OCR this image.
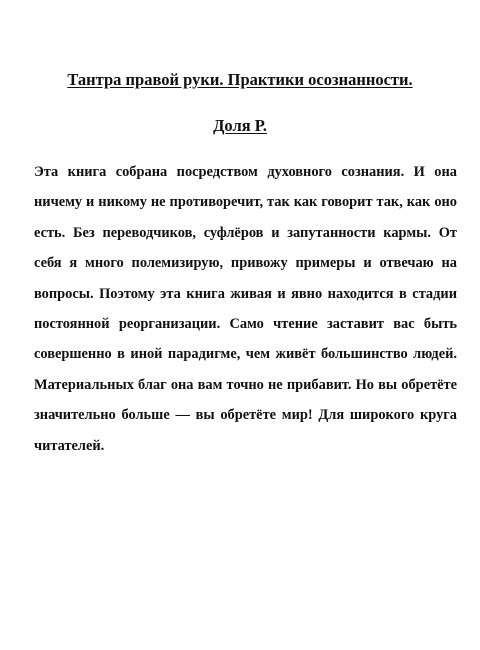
Тантра правой руки. Практики осознанности.
Доля Р.

Эта книга собрана посредством духовного сознания. И она ничему и никому не противоречит, так как говорит так, как оно есть. Без переводчиков, суфлёров и запутанности кармы. От себя я много полемизирую, привожу примеры и отвечаю на вопросы. Поэтому эта книга живая и явно находится в стадии постоянной реорганизации. Само чтение заставит вас быть совершенно в иной парадигме, чем живёт большинство людей. Материальных благ она вам точно не прибавит. Но вы обретёте значительно больше — вы обретёте мир! Для широкого круга читателей.
